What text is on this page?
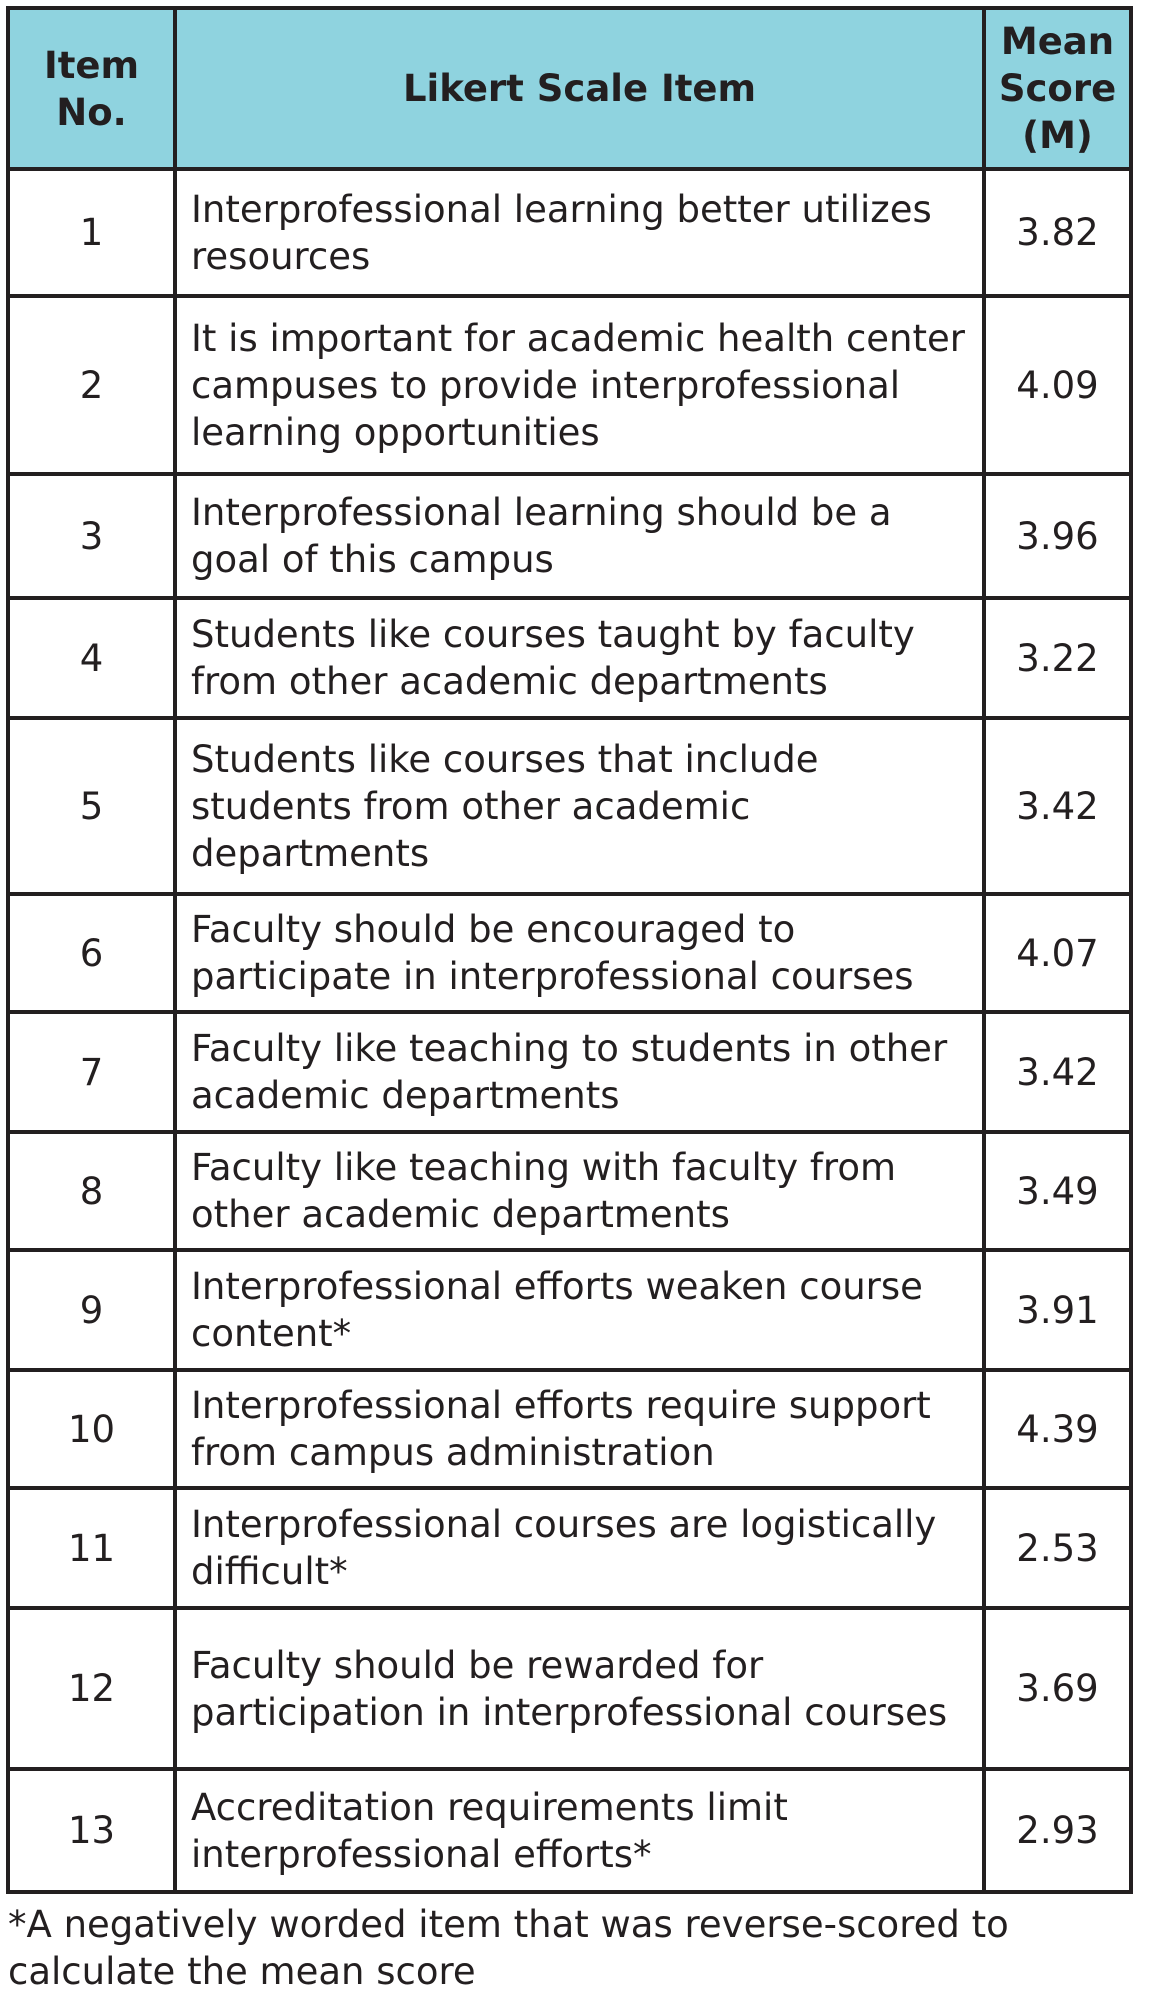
Item No.	Likert Scale Item	Mean Score (M)
1	Interprofessional learning better utilizes resources	3.82
2	It is important for academic health center campuses to provide interprofessional learning opportunities	4.09
3	Interprofessional learning should be a goal of this campus	3.96
4	Students like courses taught by faculty from other academic departments	3.22
5	Students like courses that include students from other academic departments	3.42
6	Faculty should be encouraged to participate in interprofessional courses	4.07
7	Faculty like teaching to students in other academic departments	3.42
8	Faculty like teaching with faculty from other academic departments	3.49
9	Interprofessional efforts weaken course content*	3.91
10	Interprofessional efforts require support from campus administration	4.39
11	Interprofessional courses are logistically difficult*	2.53
12	Faculty should be rewarded for participation in interprofessional courses	3.69
13	Accreditation requirements limit interprofessional efforts*	2.93
*A negatively worded item that was reverse-scored to calculate the mean score
